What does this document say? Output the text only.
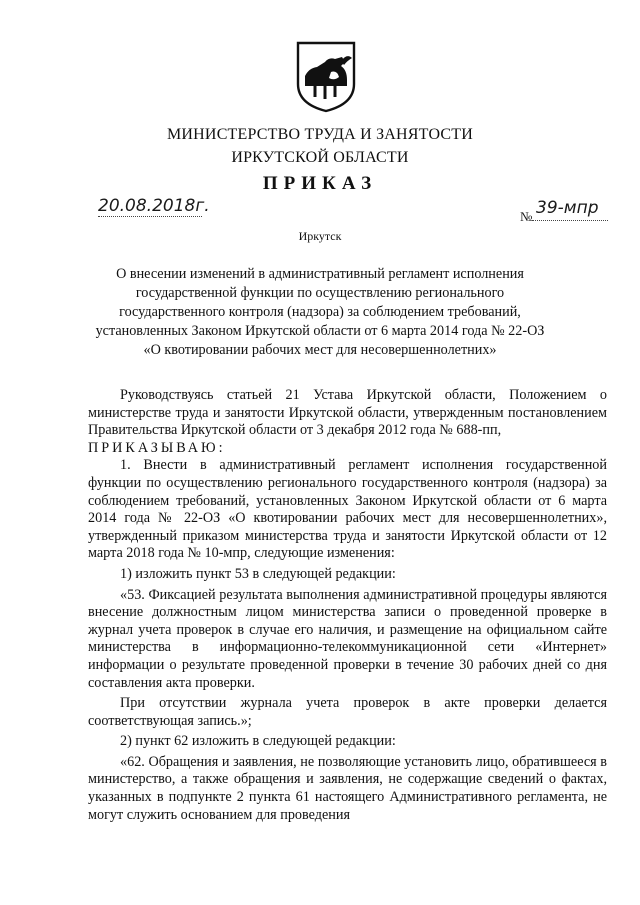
МИНИСТЕРСТВО ТРУДА И ЗАНЯТОСТИ
ИРКУТСКОЙ ОБЛАСТИ
ПРИКАЗ
20.08.2018г.
№ 39-мпр
Иркутск
О внесении изменений в административный регламент исполнения государственной функции по осуществлению регионального государственного контроля (надзора) за соблюдением требований, установленных Законом Иркутской области от 6 марта 2014 года № 22-ОЗ «О квотировании рабочих мест для несовершеннолетних»

Руководствуясь статьей 21 Устава Иркутской области, Положением о министерстве труда и занятости Иркутской области, утвержденным постановлением Правительства Иркутской области от 3 декабря 2012 года № 688-пп,

ПРИКАЗЫВАЮ:

1. Внести в административный регламент исполнения государственной функции по осуществлению регионального государственного контроля (надзора) за соблюдением требований, установленных Законом Иркутской области от 6 марта 2014 года № 22-ОЗ «О квотировании рабочих мест для несовершеннолетних», утвержденный приказом министерства труда и занятости Иркутской области от 12 марта 2018 года № 10-мпр, следующие изменения:

1) изложить пункт 53 в следующей редакции:

«53. Фиксацией результата выполнения административной процедуры являются внесение должностным лицом министерства записи о проведенной проверке в журнал учета проверок в случае его наличия, и размещение на официальном сайте министерства в информационно-телекоммуникационной сети «Интернет» информации о результате проведенной проверки в течение 30 рабочих дней со дня составления акта проверки.

При отсутствии журнала учета проверок в акте проверки делается соответствующая запись.»;

2) пункт 62 изложить в следующей редакции:

«62. Обращения и заявления, не позволяющие установить лицо, обратившееся в министерство, а также обращения и заявления, не содержащие сведений о фактах, указанных в подпункте 2 пункта 61 настоящего Административного регламента, не могут служить основанием для проведения
